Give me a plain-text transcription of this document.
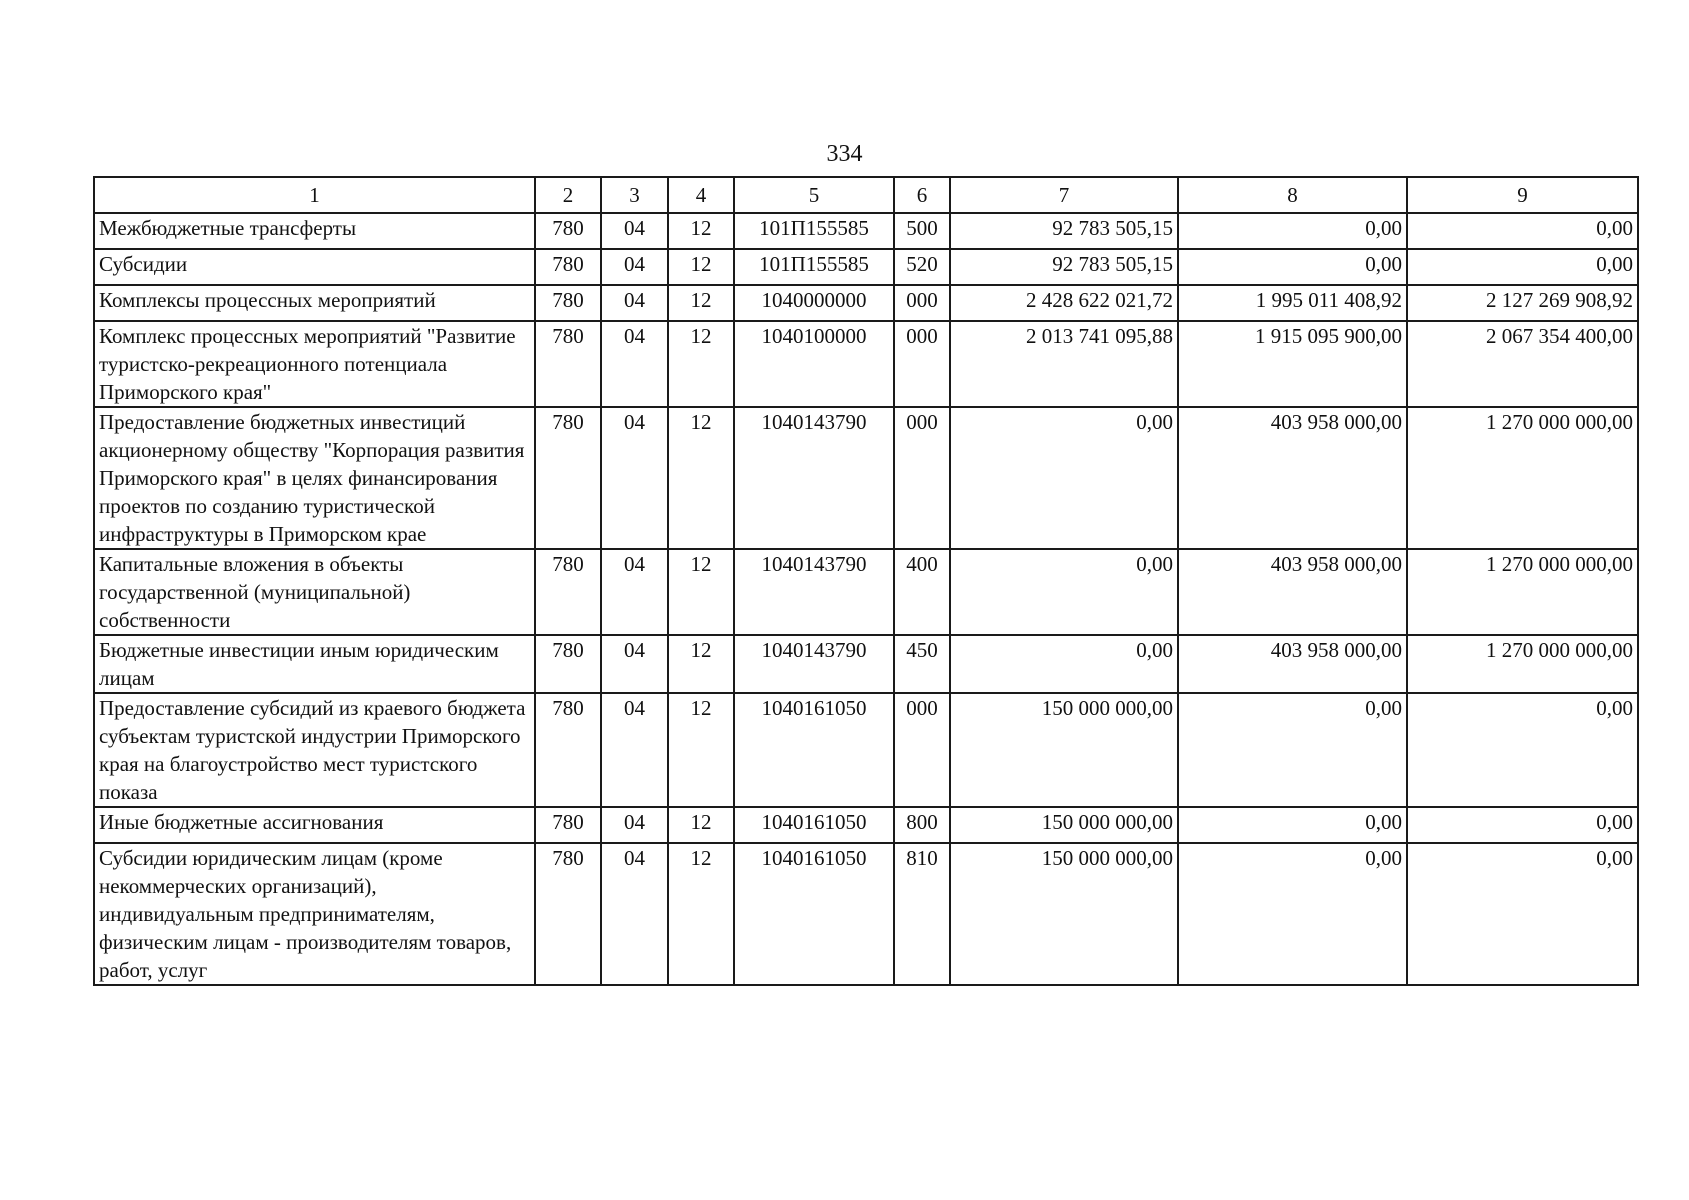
334
1	2	3	4	5	6	7	8	9
Межбюджетные трансферты	780	04	12	101П155585	500	92 783 505,15	0,00	0,00
Субсидии	780	04	12	101П155585	520	92 783 505,15	0,00	0,00
Комплексы процессных мероприятий	780	04	12	1040000000	000	2 428 622 021,72	1 995 011 408,92	2 127 269 908,92
Комплекс процессных мероприятий "Развитие туристско-рекреационного потенциала Приморского края"	780	04	12	1040100000	000	2 013 741 095,88	1 915 095 900,00	2 067 354 400,00
Предоставление бюджетных инвестиций акционерному обществу "Корпорация развития Приморского края" в целях финансирования проектов по созданию туристической инфраструктуры в Приморском крае	780	04	12	1040143790	000	0,00	403 958 000,00	1 270 000 000,00
Капитальные вложения в объекты государственной (муниципальной) собственности	780	04	12	1040143790	400	0,00	403 958 000,00	1 270 000 000,00
Бюджетные инвестиции иным юридическим лицам	780	04	12	1040143790	450	0,00	403 958 000,00	1 270 000 000,00
Предоставление субсидий из краевого бюджета субъектам туристской индустрии Приморского края на благоустройство мест туристского показа	780	04	12	1040161050	000	150 000 000,00	0,00	0,00
Иные бюджетные ассигнования	780	04	12	1040161050	800	150 000 000,00	0,00	0,00
Субсидии юридическим лицам (кроме некоммерческих организаций), индивидуальным предпринимателям, физическим лицам - производителям товаров, работ, услуг	780	04	12	1040161050	810	150 000 000,00	0,00	0,00
